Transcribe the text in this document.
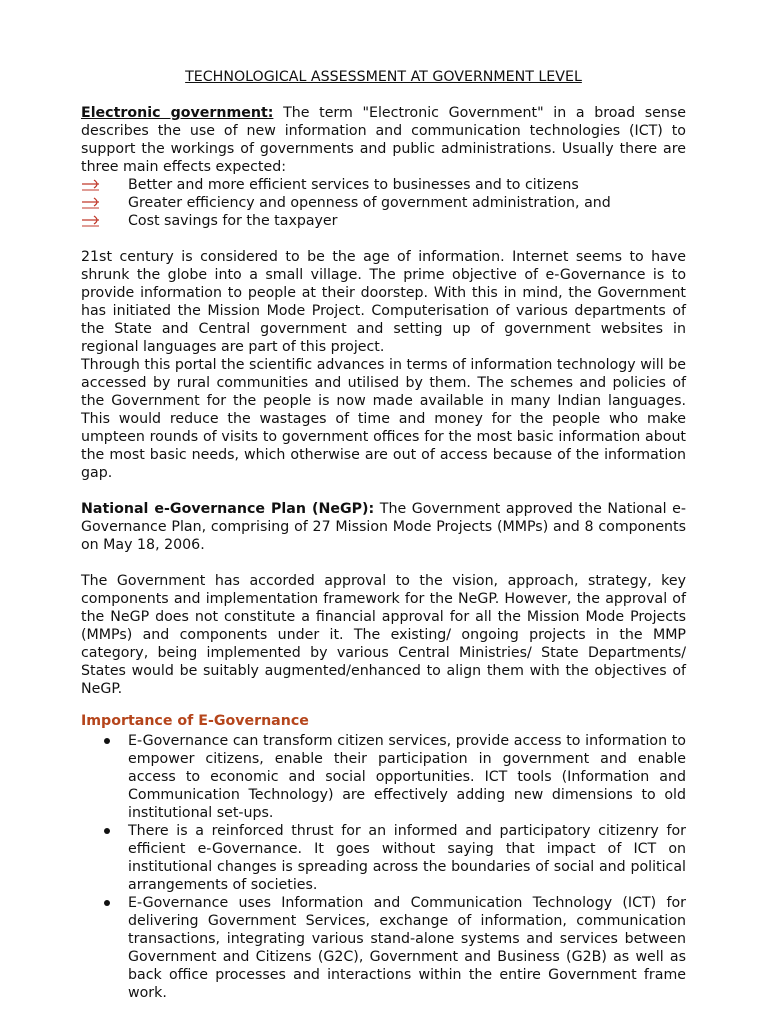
TECHNOLOGICAL ASSESSMENT AT GOVERNMENT LEVEL

Electronic government: The term "Electronic Government" in a broad sense describes the use of new information and communication technologies (ICT) to support the workings of governments and public administrations. Usually there are three main effects expected:

Better and more efficient services to businesses and to citizens
Greater efficiency and openness of government administration, and
Cost savings for the taxpayer

21st century is considered to be the age of information. Internet seems to have shrunk the globe into a small village. The prime objective of e-Governance is to provide information to people at their doorstep. With this in mind, the Government has initiated the Mission Mode Project. Computerisation of various departments of the State and Central government and setting up of government websites in regional languages are part of this project.

Through this portal the scientific advances in terms of information technology will be accessed by rural communities and utilised by them. The schemes and policies of the Government for the people is now made available in many Indian languages. This would reduce the wastages of time and money for the people who make umpteen rounds of visits to government offices for the most basic information about the most basic needs, which otherwise are out of access because of the information gap.

National e-Governance Plan (NeGP): The Government approved the National e-Governance Plan, comprising of 27 Mission Mode Projects (MMPs) and 8 components on May 18, 2006.

The Government has accorded approval to the vision, approach, strategy, key components and implementation framework for the NeGP. However, the approval of the NeGP does not constitute a financial approval for all the Mission Mode Projects (MMPs) and components under it. The existing/ ongoing projects in the MMP category, being implemented by various Central Ministries/ State Departments/ States would be suitably augmented/enhanced to align them with the objectives of NeGP.

Importance of E-Governance
E-Governance can transform citizen services, provide access to information to empower citizens, enable their participation in government and enable access to economic and social opportunities. ICT tools (Information and Communication Technology) are effectively adding new dimensions to old institutional set-ups.
There is a reinforced thrust for an informed and participatory citizenry for efficient e-Governance. It goes without saying that impact of ICT on institutional changes is spreading across the boundaries of social and political arrangements of societies.
E-Governance uses Information and Communication Technology (ICT) for delivering Government Services, exchange of information, communication transactions, integrating various stand-alone systems and services between Government and Citizens (G2C), Government and Business (G2B) as well as back office processes and interactions within the entire Government frame work.
